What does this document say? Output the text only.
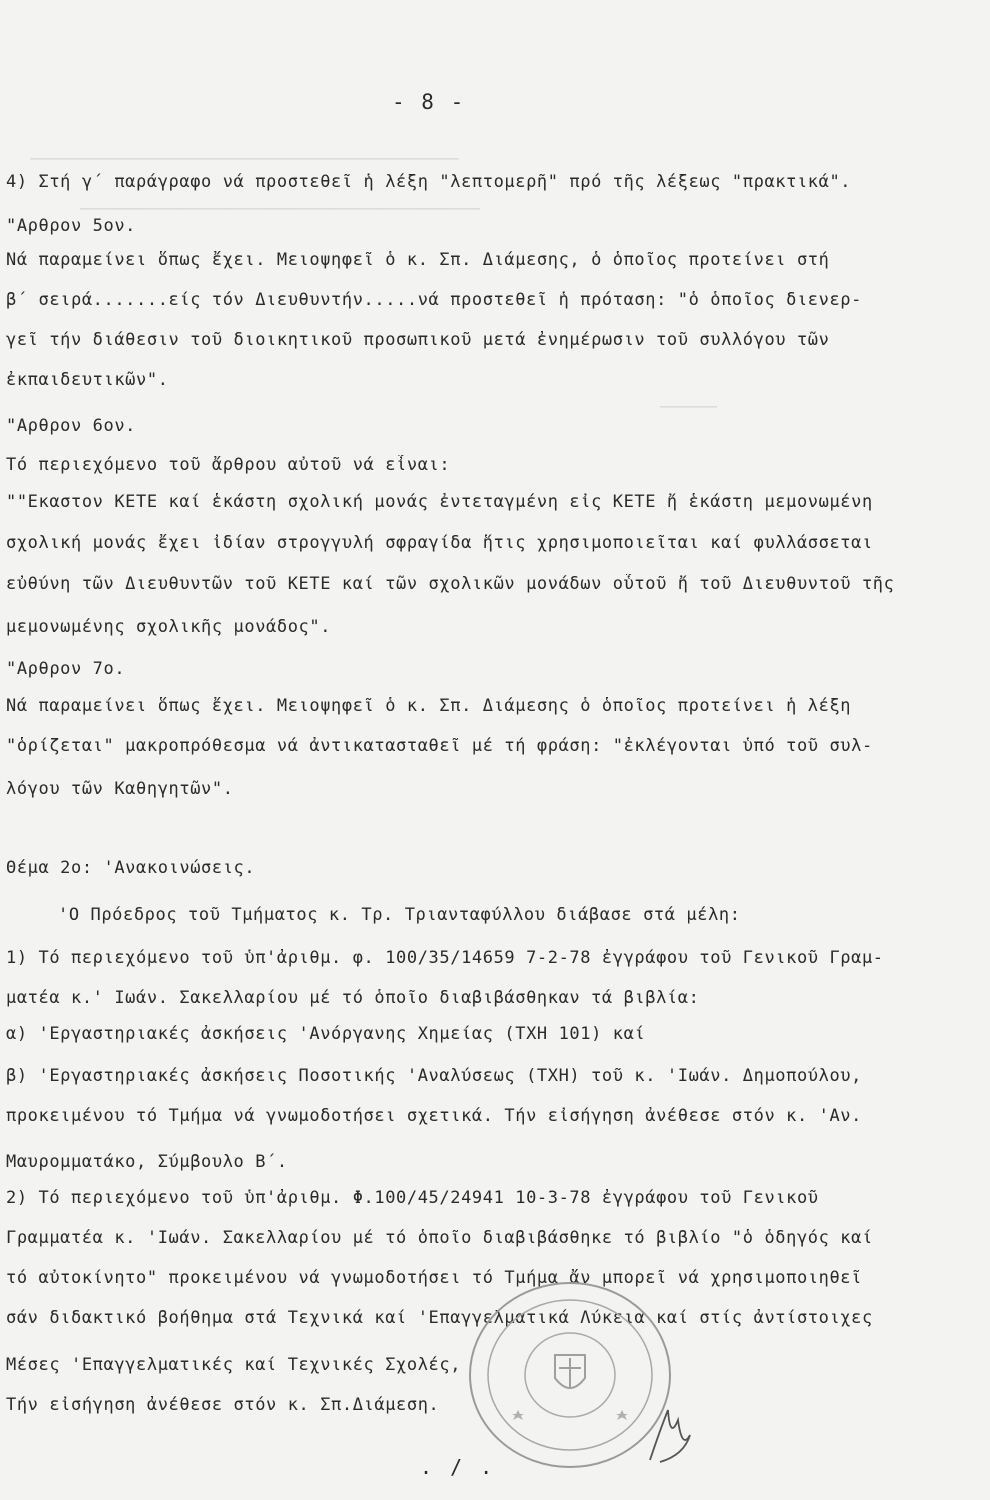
─────────────────────────────────────────────
──────────────────────────────────────────
──────
- 8 -
4) Στή γ΄ παράγραφο νά προστεθεῖ ἡ λέξη "λεπτομερῆ" πρό τῆς λέξεως "πρακτικά".
"Αρθρον 5ον.
Νά παραμείνει ὅπως ἔχει. Μειοψηφεῖ ὁ κ. Σπ. Διάμεσης, ὁ ὁποῖος προτείνει στή
β΄ σειρά.......είς τόν Διευθυντήν.....νά προστεθεῖ ἡ πρόταση: "ὁ ὁποῖος διενερ-
γεῖ τήν διάθεσιν τοῦ διοικητικοῦ προσωπικοῦ μετά ἐνημέρωσιν τοῦ συλλόγου τῶν
ἐκπαιδευτικῶν".
"Αρθρον 6ον.
Τό περιεχόμενο τοῦ ἄρθρου αὐτοῦ νά εἶναι:
""Εκαστον ΚΕΤΕ καί ἑκάστη σχολική μονάς ἐντεταγμένη εἰς ΚΕΤΕ ἤ ἑκάστη μεμονωμένη
σχολική μονάς ἔχει ἰδίαν στρογγυλή σφραγίδα ἥτις χρησιμοποιεῖται καί φυλλάσσεται
εὐθύνη τῶν Διευθυντῶν τοῦ ΚΕΤΕ καί τῶν σχολικῶν μονάδων οὗτοῦ ἤ τοῦ Διευθυντοῦ τῆς
μεμονωμένης σχολικῆς μονάδος".
"Αρθρον 7ο.
Νά παραμείνει ὅπως ἔχει. Μειοψηφεῖ ὁ κ. Σπ. Διάμεσης ὁ ὁποῖος προτείνει ἡ λέξη
"ὁρίζεται" μακροπρόθεσμα νά ἀντικατασταθεῖ μέ τή φράση: "ἐκλέγονται ὑπό τοῦ συλ-
λόγου τῶν Καθηγητῶν".
Θέμα 2ο: 'Ανακοινώσεις.
'Ο Πρόεδρος τοῦ Τμήματος κ. Τρ. Τριανταφύλλου διάβασε στά μέλη:
1) Τό περιεχόμενο τοῦ ὑπ'ἀριθμ. φ. 100/35/14659 7-2-78 ἐγγράφου τοῦ Γενικοῦ Γραμ-
ματέα κ.' Ιωάν. Σακελλαρίου μέ τό ὁποῖο διαβιβάσθηκαν τά βιβλία:
α) 'Εργαστηριακές ἀσκήσεις 'Ανόργανης Χημείας (ΤΧΗ 101) καί
β) 'Εργαστηριακές ἀσκήσεις Ποσοτικής 'Αναλύσεως (ΤΧΗ) τοῦ κ. 'Ιωάν. Δημοπούλου,
προκειμένου τό Τμήμα νά γνωμοδοτήσει σχετικά. Τήν εἰσήγηση ἀνέθεσε στόν κ. 'Αν.
Μαυρομματάκο, Σύμβουλο Β΄.
2) Τό περιεχόμενο τοῦ ὑπ'ἀριθμ. Φ.100/45/24941 10-3-78 ἐγγράφου τοῦ Γενικοῦ
Γραμματέα κ. 'Ιωάν. Σακελλαρίου μέ τό ὁποῖο διαβιβάσθηκε τό βιβλίο "ὁ ὁδηγός καί
τό αὐτοκίνητο" προκειμένου νά γνωμοδοτήσει τό Τμήμα ἄν μπορεῖ νά χρησιμοποιηθεῖ
σάν διδακτικό βοήθημα στά Τεχνικά καί 'Επαγγελματικά Λύκεια καί στίς ἀντίστοιχες
Μέσες 'Επαγγελματικές καί Τεχνικές Σχολές,
Τήν εἰσήγηση ἀνέθεσε στόν κ. Σπ.Διάμεση.
. / .
